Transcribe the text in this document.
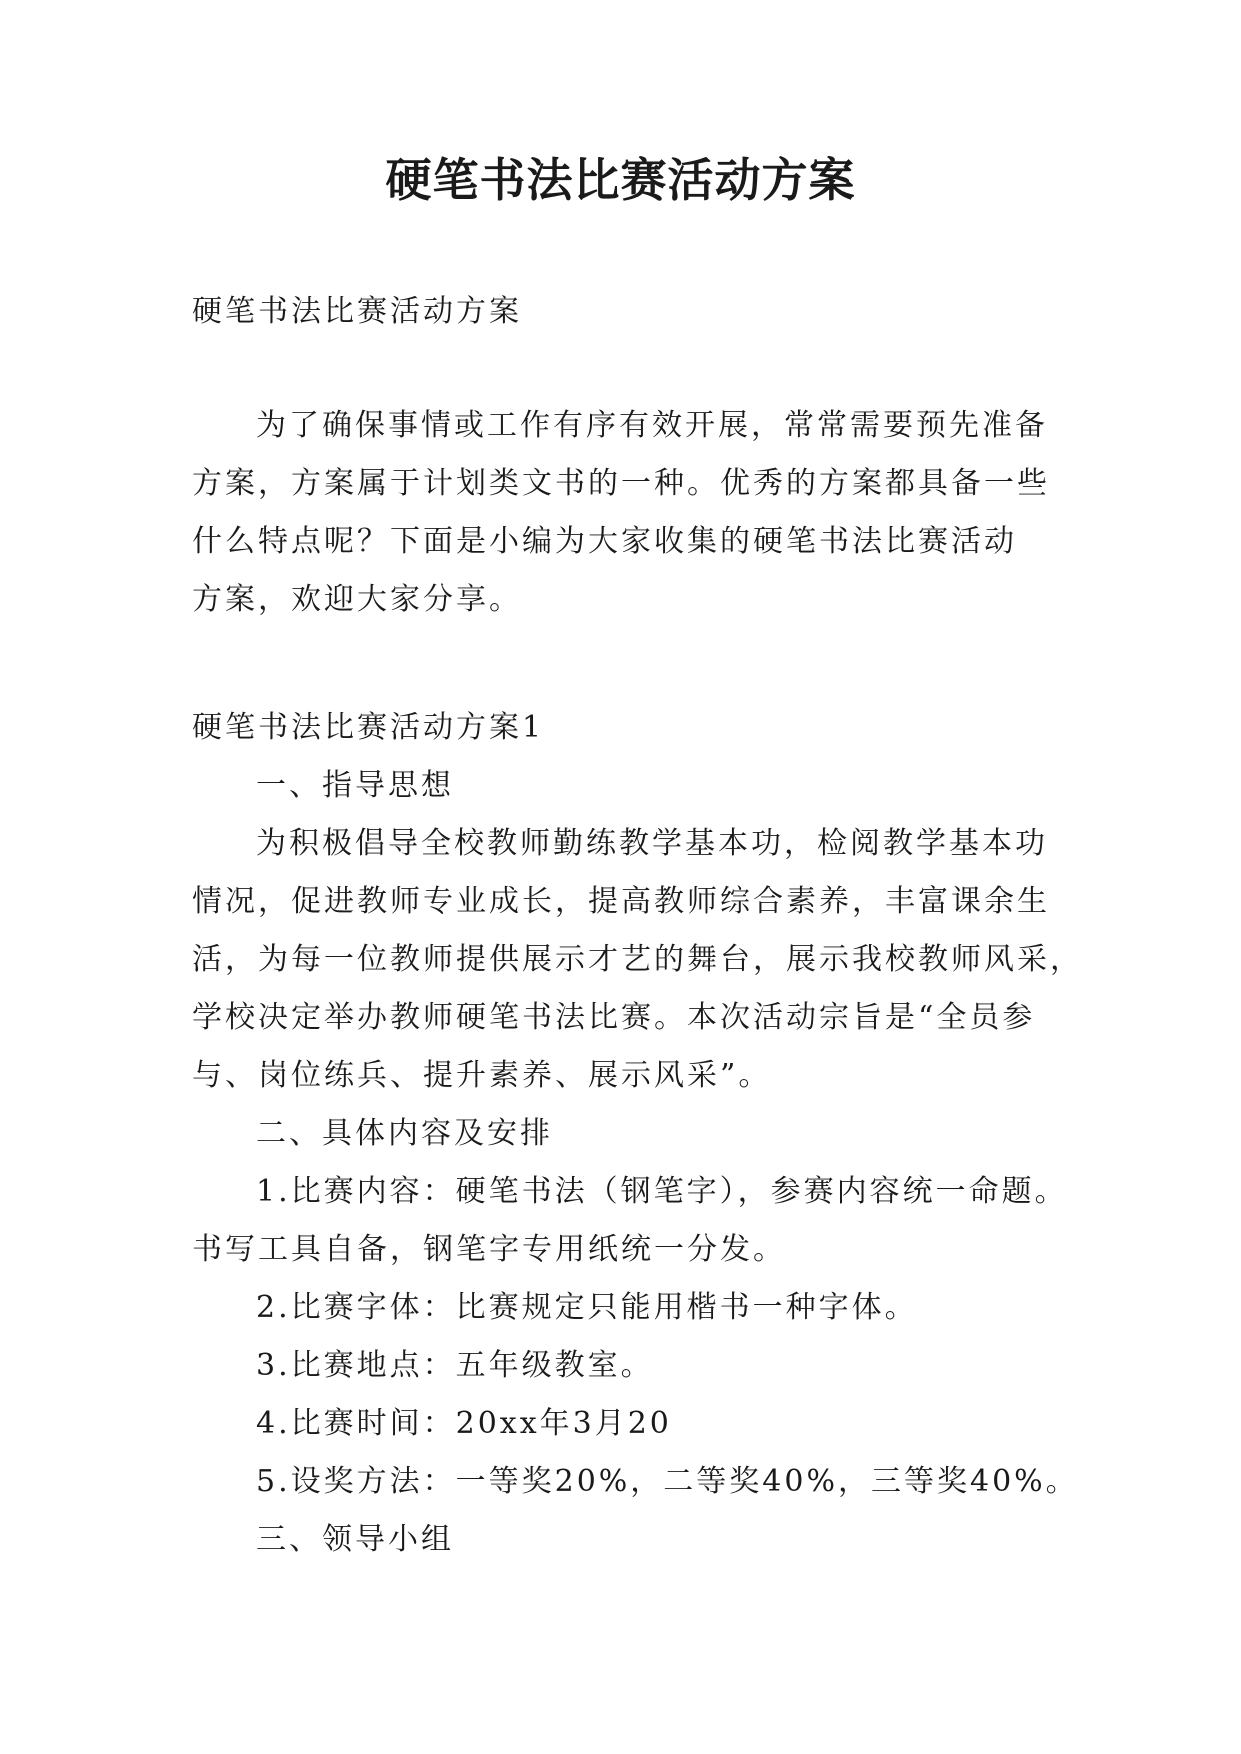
硬笔书法比赛活动方案
硬笔书法比赛活动方案
为了确保事情或工作有序有效开展，常常需要预先准备
方案，方案属于计划类文书的一种。优秀的方案都具备一些
什么特点呢？下面是小编为大家收集的硬笔书法比赛活动
方案，欢迎大家分享。
硬笔书法比赛活动方案1
一、指导思想
为积极倡导全校教师勤练教学基本功，检阅教学基本功
情况，促进教师专业成长，提高教师综合素养，丰富课余生
活，为每一位教师提供展示才艺的舞台，展示我校教师风采，
学校决定举办教师硬笔书法比赛。本次活动宗旨是“全员参
与、岗位练兵、提升素养、展示风采”。
二、具体内容及安排
1.比赛内容：硬笔书法（钢笔字），参赛内容统一命题。
书写工具自备，钢笔字专用纸统一分发。
2.比赛字体：比赛规定只能用楷书一种字体。
3.比赛地点：五年级教室。
4.比赛时间：20xx年3月20
5.设奖方法：一等奖20%，二等奖40%，三等奖40%。
三、领导小组
